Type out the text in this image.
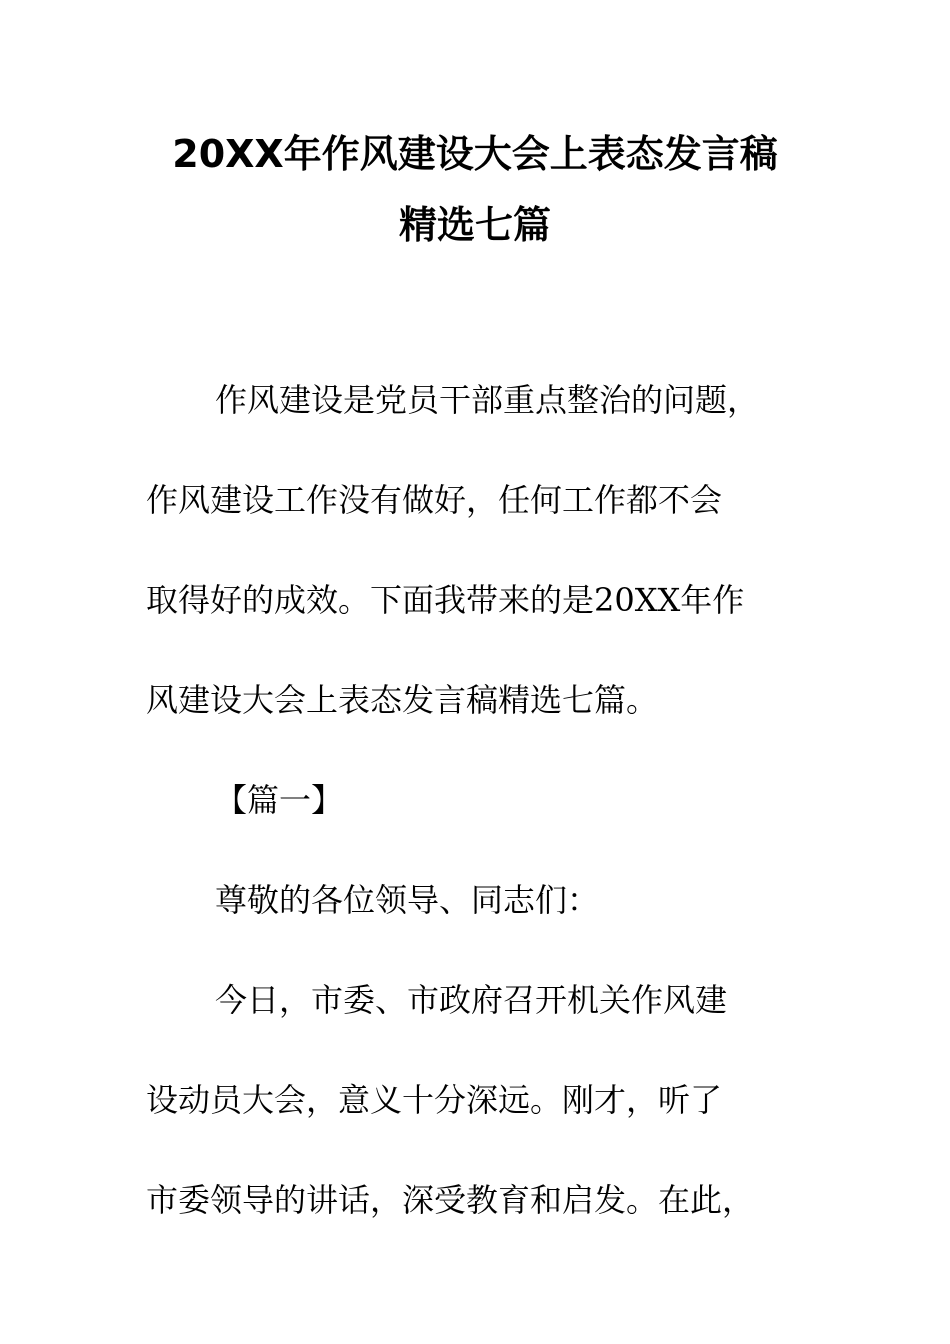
20XX年作风建设大会上表态发言稿
精选七篇
作风建设是党员干部重点整治的问题，
作风建设工作没有做好，任何工作都不会
取得好的成效。下面我带来的是20XX年作
风建设大会上表态发言稿精选七篇。
【篇一】
尊敬的各位领导、同志们：
今日，市委、市政府召开机关作风建
设动员大会，意义十分深远。刚才，听了
市委领导的讲话，深受教育和启发。在此，
